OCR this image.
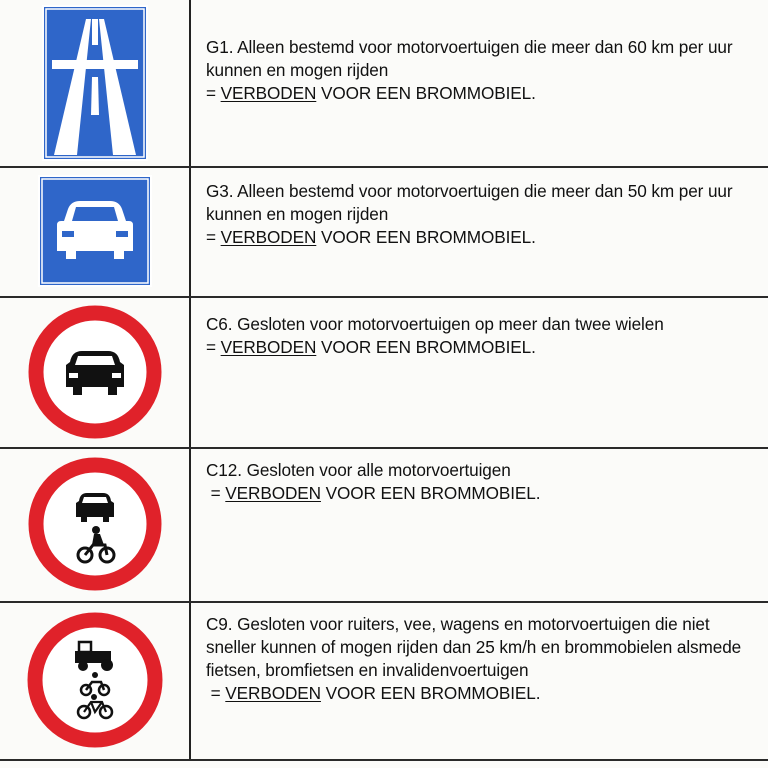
G1. Alleen bestemd voor motorvoertuigen die meer dan 60 km per uur kunnen en mogen rijden

= VERBODEN VOOR EEN BROMMOBIEL.

G3. Alleen bestemd voor motorvoertuigen die meer dan 50 km per uur kunnen en mogen rijden

= VERBODEN VOOR EEN BROMMOBIEL.

C6. Gesloten voor motorvoertuigen op meer dan twee wielen

= VERBODEN VOOR EEN BROMMOBIEL.

C12. Gesloten voor alle motorvoertuigen

= VERBODEN VOOR EEN BROMMOBIEL.

C9. Gesloten voor ruiters, vee, wagens en motorvoertuigen die niet sneller kunnen of mogen rijden dan 25 km/h en brommobielen alsmede fietsen, bromfietsen en invalidenvoertuigen

= VERBODEN VOOR EEN BROMMOBIEL.
